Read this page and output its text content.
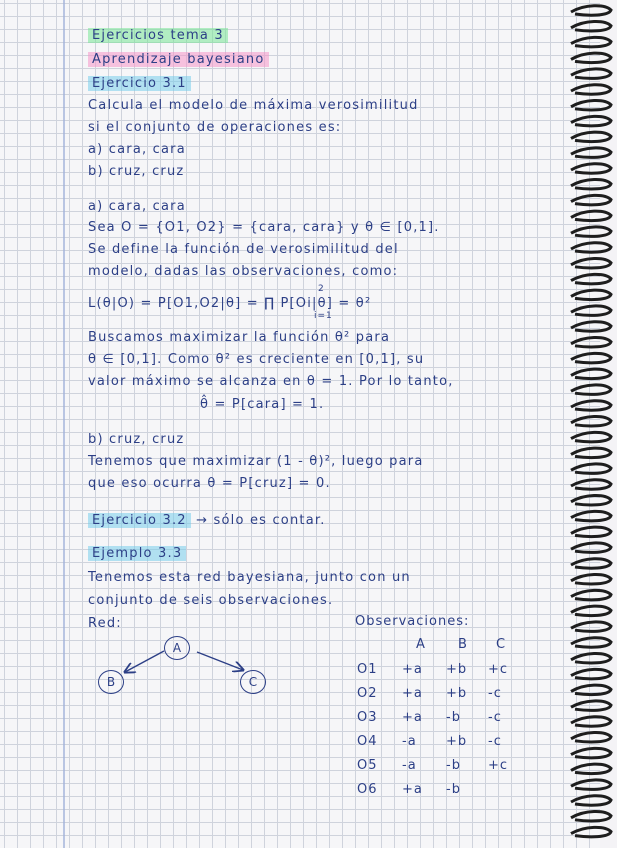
Ejercicios tema 3
Aprendizaje bayesiano
Ejercicio 3.1
Calcula el modelo de máxima verosimilitud
si el conjunto de operaciones es:
a) cara, cara
b) cruz, cruz
a) cara, cara
Sea O = {O1, O2} = {cara, cara} y θ ∈ [0,1].
Se define la función de verosimilitud del
modelo, dadas las observaciones, como:
L(θ|O) = P[O1,O2|θ] = ∏ P[Oi|θ] = θ²
2
i=1
Buscamos maximizar la función θ² para
θ ∈ [0,1]. Como θ² es creciente en [0,1], su
valor máximo se alcanza en θ = 1. Por lo tanto,
θ̂ = P[cara] = 1.
b) cruz, cruz
Tenemos que maximizar (1 - θ)², luego para
que eso ocurra θ = P[cruz] = 0.
Ejercicio 3.2 → sólo es contar.
Ejemplo 3.3
Tenemos esta red bayesiana, junto con un
conjunto de seis observaciones.
Red:
A
B	C
Observaciones:
A B C
O1 +a +b +c
O2 +a +b -c
O3 +a -b -c
O4 -a +b -c
O5 -a -b +c
O6 +a -b
